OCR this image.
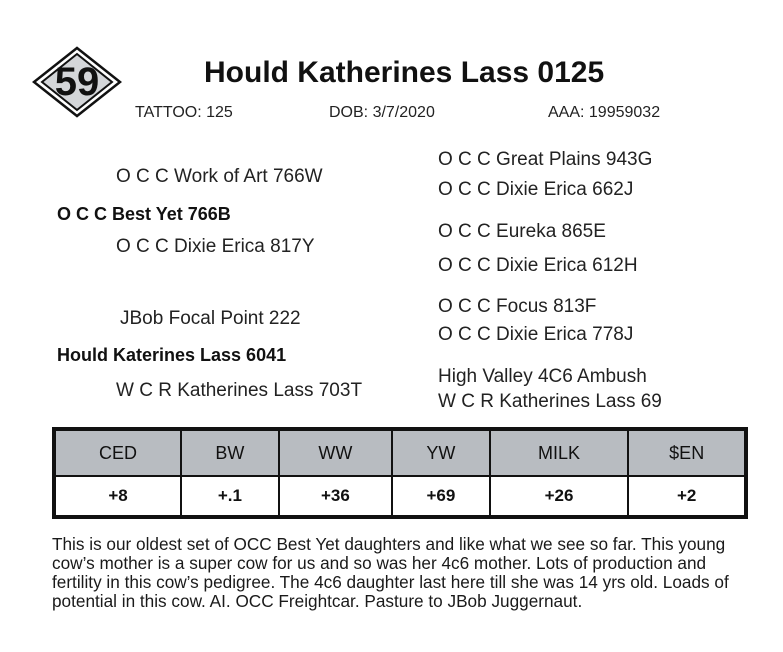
59	Hould Katherines Lass 0125
TATTOO: 125	DOB: 3/7/2020	AAA: 19959032
O C C Work of Art 766W
O C C Best Yet 766B
O C C Dixie Erica 817Y
O C C Great Plains 943G
O C C Dixie Erica 662J
O C C Eureka 865E
O C C Dixie Erica 612H
JBob Focal Point 222
Hould Katerines Lass 6041
W C R Katherines Lass 703T
O C C Focus 813F
O C C Dixie Erica 778J
High Valley 4C6 Ambush
W C R Katherines Lass 69
CED	BW	WW	YW	MILK	$EN
+8	+.1	+36	+69	+26	+2
This is our oldest set of OCC Best Yet daughters and like what we see so far. This young cow’s mother is a super cow for us and so was her 4c6 mother. Lots of production and fertility in this cow’s pedigree. The 4c6 daughter last here till she was 14 yrs old. Loads of potential in this cow. AI. OCC Freightcar. Pasture to JBob Juggernaut.
